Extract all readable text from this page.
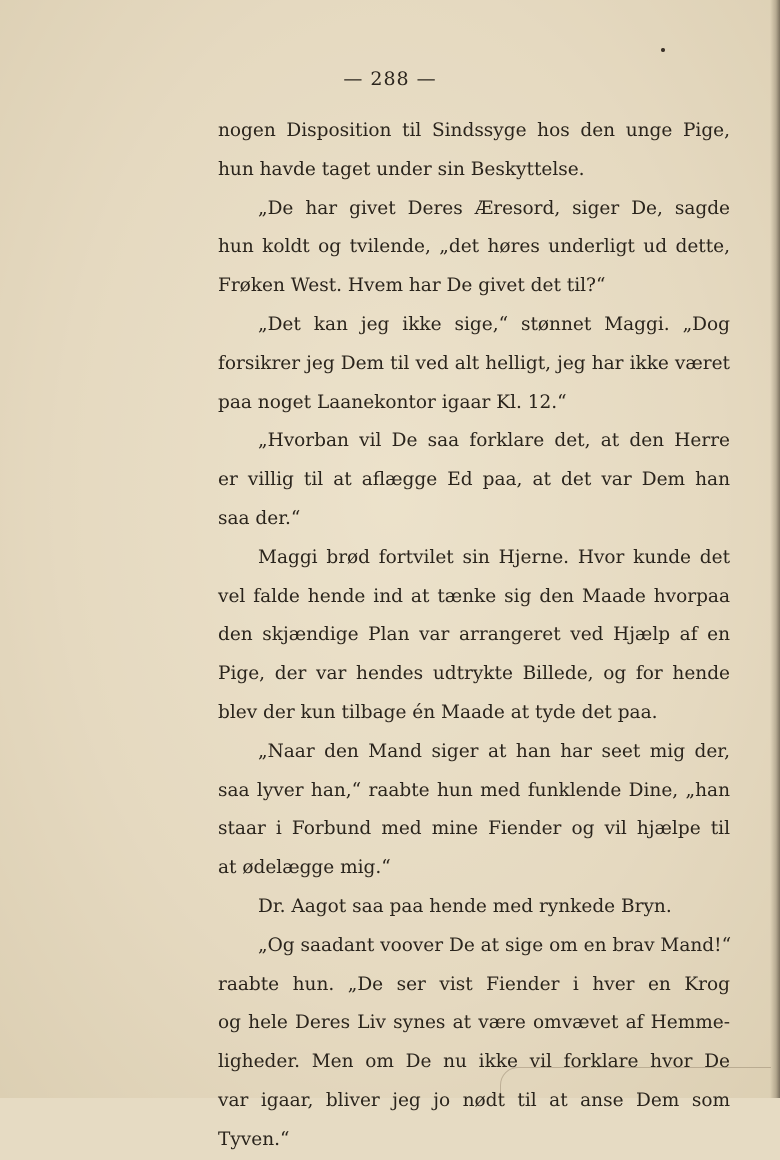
— 288 —
nogen Disposition til Sindssyge hos den unge Pige,
hun havde taget under sin Beskyttelse.
„De har givet Deres Æresord, siger De, sagde
hun koldt og tvilende, „det høres underligt ud dette,
Frøken West. Hvem har De givet det til?“
„Det kan jeg ikke sige,“ stønnet Maggi. „Dog
forsikrer jeg Dem til ved alt helligt, jeg har ikke været
paa noget Laanekontor igaar Kl. 12.“
„Hvorban vil De saa forklare det, at den Herre
er villig til at aflægge Ed paa, at det var Dem han
saa der.“
Maggi brød fortvilet sin Hjerne. Hvor kunde det
vel falde hende ind at tænke sig den Maade hvorpaa
den skjændige Plan var arrangeret ved Hjælp af en
Pige, der var hendes udtrykte Billede, og for hende
blev der kun tilbage én Maade at tyde det paa.
„Naar den Mand siger at han har seet mig der,
saa lyver han,“ raabte hun med funklende Dine, „han
staar i Forbund med mine Fiender og vil hjælpe til
at ødelægge mig.“
Dr. Aagot saa paa hende med rynkede Bryn.
„Og saadant voover De at sige om en brav Mand!“
raabte hun. „De ser vist Fiender i hver en Krog
og hele Deres Liv synes at være omvævet af Hemme-
ligheder. Men om De nu ikke vil forklare hvor De
var igaar, bliver jeg jo nødt til at anse Dem som
Tyven.“
